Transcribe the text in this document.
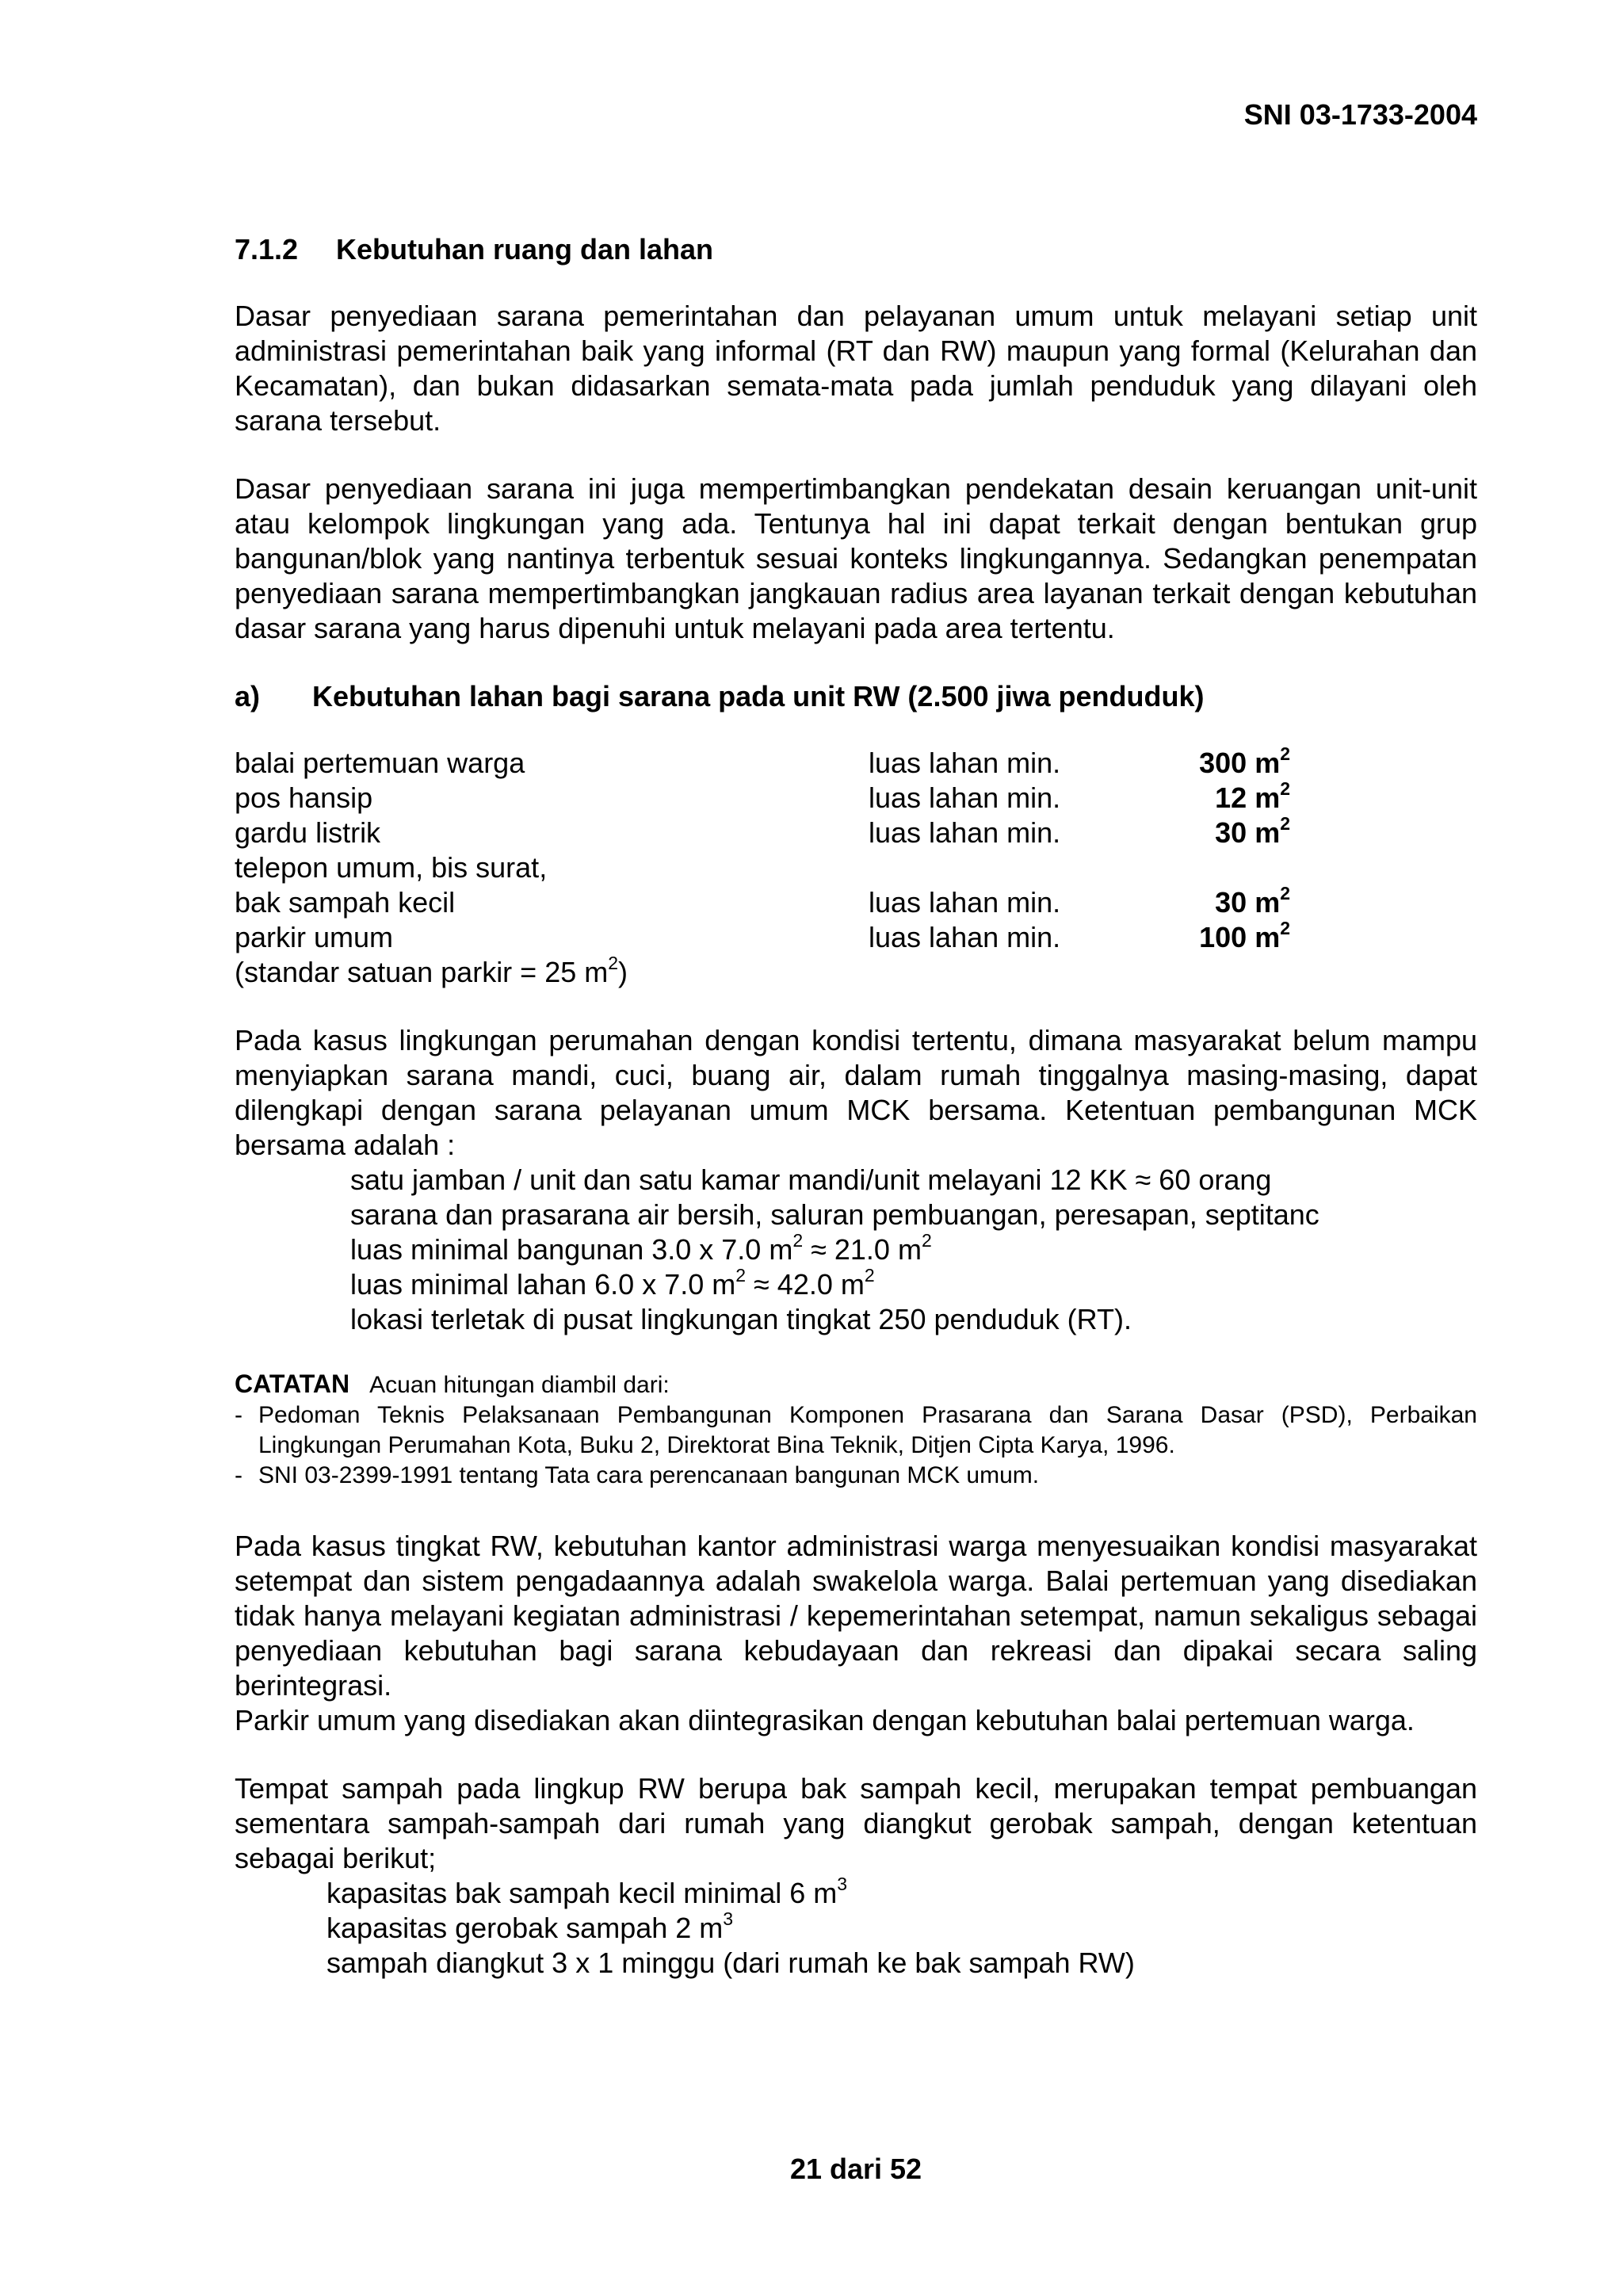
SNI 03-1733-2004
7.1.2 Kebutuhan ruang dan lahan

Dasar penyediaan sarana pemerintahan dan pelayanan umum untuk melayani setiap unit administrasi pemerintahan baik yang informal (RT dan RW) maupun yang formal (Kelurahan dan Kecamatan), dan bukan didasarkan semata-mata pada jumlah penduduk yang dilayani oleh sarana tersebut.

Dasar penyediaan sarana ini juga mempertimbangkan pendekatan desain keruangan unit-unit atau kelompok lingkungan yang ada. Tentunya hal ini dapat terkait dengan bentukan grup bangunan/blok yang nantinya terbentuk sesuai konteks lingkungannya. Sedangkan penempatan penyediaan sarana mempertimbangkan jangkauan radius area layanan terkait dengan kebutuhan dasar sarana yang harus dipenuhi untuk melayani pada area tertentu.

a) Kebutuhan lahan bagi sarana pada unit RW (2.500 jiwa penduduk)
balai pertemuan warga	luas lahan min.	300 $m^2$
pos hansip	luas lahan min.	12 $m^2$
gardu listrik	luas lahan min.	30 $m^2$
telepon umum, bis surat,		
bak sampah kecil	luas lahan min.	30 $m^2$
parkir umum	luas lahan min.	100 $m^2$
(standar satuan parkir = 25 $m^2$)		

Pada kasus lingkungan perumahan dengan kondisi tertentu, dimana masyarakat belum mampu menyiapkan sarana mandi, cuci, buang air, dalam rumah tinggalnya masing-masing, dapat dilengkapi dengan sarana pelayanan umum MCK bersama. Ketentuan pembangunan MCK bersama adalah :

satu jamban / unit dan satu kamar mandi/unit melayani 12 KK ≈ 60 orang
sarana dan prasarana air bersih, saluran pembuangan, peresapan, septitanc
luas minimal bangunan 3.0 x 7.0 $m^2 \approx 21.0$ $m^2$
luas minimal lahan 6.0 x 7.0 $m^2 \approx 42.0$ $m^2$
lokasi terletak di pusat lingkungan tingkat 250 penduduk (RT).
CATATAN Acuan hitungan diambil dari:
- Pedoman Teknis Pelaksanaan Pembangunan Komponen Prasarana dan Sarana Dasar (PSD), Perbaikan Lingkungan Perumahan Kota, Buku 2, Direktorat Bina Teknik, Ditjen Cipta Karya, 1996.
- SNI 03-2399-1991 tentang Tata cara perencanaan bangunan MCK umum.

Pada kasus tingkat RW, kebutuhan kantor administrasi warga menyesuaikan kondisi masyarakat setempat dan sistem pengadaannya adalah swakelola warga. Balai pertemuan yang disediakan tidak hanya melayani kegiatan administrasi / kepemerintahan setempat, namun sekaligus sebagai penyediaan kebutuhan bagi sarana kebudayaan dan rekreasi dan dipakai secara saling berintegrasi.

Parkir umum yang disediakan akan diintegrasikan dengan kebutuhan balai pertemuan warga.

Tempat sampah pada lingkup RW berupa bak sampah kecil, merupakan tempat pembuangan sementara sampah-sampah dari rumah yang diangkut gerobak sampah, dengan ketentuan sebagai berikut;

kapasitas bak sampah kecil minimal 6 $m^3$
kapasitas gerobak sampah 2 $m^3$
sampah diangkut 3 x 1 minggu (dari rumah ke bak sampah RW)
21 dari 52
